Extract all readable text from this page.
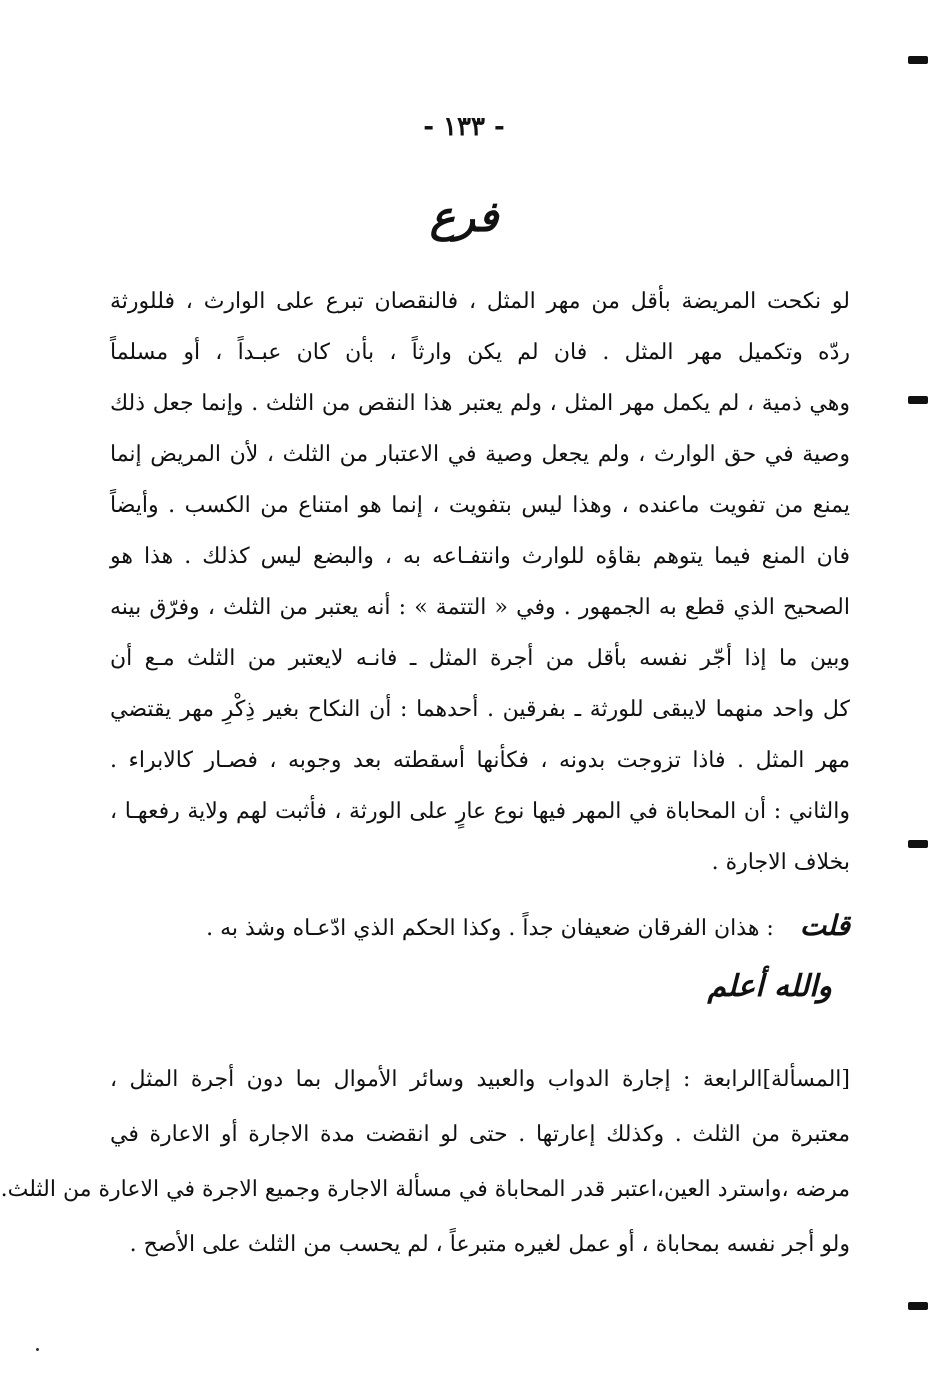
- ١٣٣ -
فرع
لو نكحت المريضة بأقل من مهر المثل ، فالنقصان تبرع على الوارث ، فللورثة
ردّه وتكميل مهر المثل . فان لم يكن وارثاً ، بأن كان عبـداً ، أو مسلماً
وهي ذمية ، لم يكمل مهر المثل ، ولم يعتبر هذا النقص من الثلث . وإنما جعل ذلك
وصية في حق الوارث ، ولم يجعل وصية في الاعتبار من الثلث ، لأن المريض إنما
يمنع من تفويت ماعنده ، وهذا ليس بتفويت ، إنما هو امتناع من الكسب . وأيضاً
فان المنع فيما يتوهم بقاؤه للوارث وانتفـاعه به ، والبضع ليس كذلك . هذا هو
الصحيح الذي قطع به الجمهور . وفي « التتمة » : أنه يعتبر من الثلث ، وفرّق بينه
وبين ما إذا أجّر نفسه بأقل من أجرة المثل ـ فانـه لايعتبر من الثلث مـع أن
كل واحد منهما لايبقى للورثة ـ بفرقين . أحدهما : أن النكاح بغير ذِكْرِ مهر يقتضي
مهر المثل . فاذا تزوجت بدونه ، فكأنها أسقطته بعد وجوبه ، فصـار كالابراء .
والثاني : أن المحاباة في المهر فيها نوع عارٍ على الورثة ، فأثبت لهم ولاية رفعهـا ،
بخلاف الاجارة .
قلت: هذان الفرقان ضعيفان جداً . وكذا الحكم الذي ادّعـاه وشذ به .
والله أعلم
[المسألة]الرابعة : إجارة الدواب والعبيد وسائر الأموال بما دون أجرة المثل ،
معتبرة من الثلث . وكذلك إعارتها . حتى لو انقضت مدة الاجارة أو الاعارة في
مرضه ،واسترد العين،اعتبر قدر المحاباة في مسألة الاجارة وجميع الاجرة في الاعارة من الثلث.
ولو أجر نفسه بمحاباة ، أو عمل لغيره متبرعاً ، لم يحسب من الثلث على الأصح .
